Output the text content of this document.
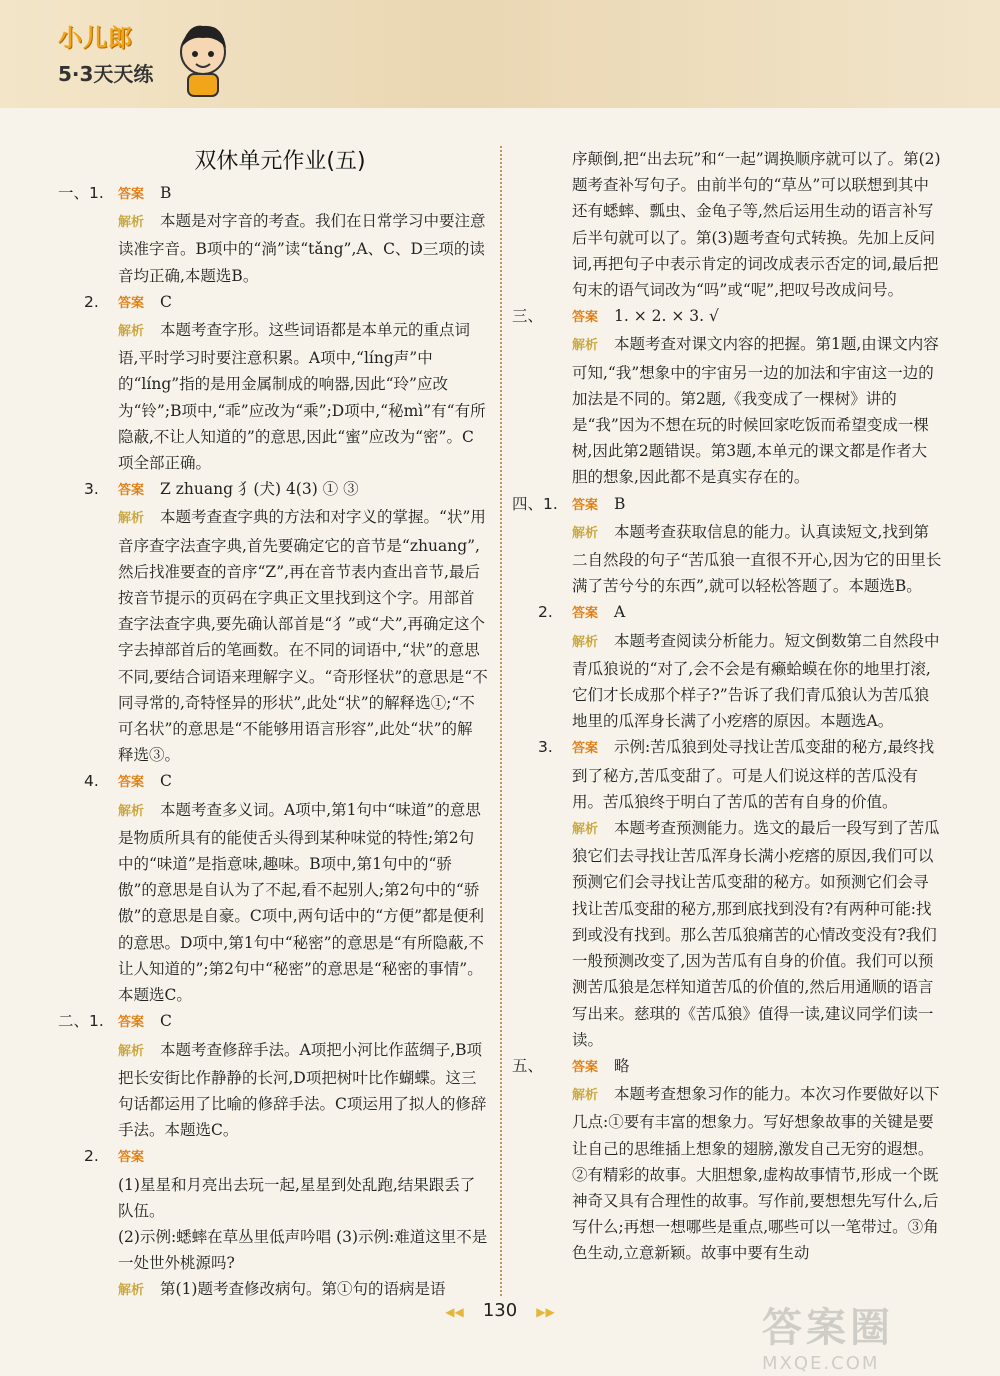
小儿郎
5·3天天练
双休单元作业(五)
一、1. 答案 B
解析 本题是对字音的考查。我们在日常学习中要注意读准字音。B项中的“淌”读“tǎng”,A、C、D三项的读音均正确,本题选B。
2. 答案 C
解析 本题考查字形。这些词语都是本单元的重点词语,平时学习时要注意积累。A项中,“líng声”中的“líng”指的是用金属制成的响器,因此“玲”应改为“铃”;B项中,“乖”应改为“乘”;D项中,“秘mì”有“有所隐蔽,不让人知道的”的意思,因此“蜜”应改为“密”。C项全部正确。
3. 答案 Z zhuang 犭(犬) 4(3) ① ③
解析 本题考查查字典的方法和对字义的掌握。“状”用音序查字法查字典,首先要确定它的音节是“zhuang”,然后找准要查的音序“Z”,再在音节表内查出音节,最后按音节提示的页码在字典正文里找到这个字。用部首查字法查字典,要先确认部首是“犭”或“犬”,再确定这个字去掉部首后的笔画数。在不同的词语中,“状”的意思不同,要结合词语来理解字义。“奇形怪状”的意思是“不同寻常的,奇特怪异的形状”,此处“状”的解释选①;“不可名状”的意思是“不能够用语言形容”,此处“状”的解释选③。
4. 答案 C
解析 本题考查多义词。A项中,第1句中“味道”的意思是物质所具有的能使舌头得到某种味觉的特性;第2句中的“味道”是指意味,趣味。B项中,第1句中的“骄傲”的意思是自认为了不起,看不起别人;第2句中的“骄傲”的意思是自豪。C项中,两句话中的“方便”都是便利的意思。D项中,第1句中“秘密”的意思是“有所隐蔽,不让人知道的”;第2句中“秘密”的意思是“秘密的事情”。本题选C。
二、1. 答案 C
解析 本题考查修辞手法。A项把小河比作蓝绸子,B项把长安街比作静静的长河,D项把树叶比作蝴蝶。这三句话都运用了比喻的修辞手法。C项运用了拟人的修辞手法。本题选C。
2. 答案
(1)星星和月亮出去玩一起,星星到处乱跑,结果跟丢了队伍。
(2)示例:蟋蟀在草丛里低声吟唱 (3)示例:难道这里不是一处世外桃源吗?
解析 第(1)题考查修改病句。第①句的语病是语
序颠倒,把“出去玩”和“一起”调换顺序就可以了。第(2)题考查补写句子。由前半句的“草丛”可以联想到其中还有蟋蟀、瓢虫、金龟子等,然后运用生动的语言补写后半句就可以了。第(3)题考查句式转换。先加上反问词,再把句子中表示肯定的词改成表示否定的词,最后把句末的语气词改为“吗”或“呢”,把叹号改成问号。
三、 答案 1. × 2. × 3. √
解析 本题考查对课文内容的把握。第1题,由课文内容可知,“我”想象中的宇宙另一边的加法和宇宙这一边的加法是不同的。第2题,《我变成了一棵树》讲的是“我”因为不想在玩的时候回家吃饭而希望变成一棵树,因此第2题错误。第3题,本单元的课文都是作者大胆的想象,因此都不是真实存在的。
四、1. 答案 B
解析 本题考查获取信息的能力。认真读短文,找到第二自然段的句子“苦瓜狼一直很不开心,因为它的田里长满了苦兮兮的东西”,就可以轻松答题了。本题选B。
2. 答案 A
解析 本题考查阅读分析能力。短文倒数第二自然段中青瓜狼说的“对了,会不会是有癞蛤蟆在你的地里打滚,它们才长成那个样子?”告诉了我们青瓜狼认为苦瓜狼地里的瓜浑身长满了小疙瘩的原因。本题选A。
3. 答案 示例:苦瓜狼到处寻找让苦瓜变甜的秘方,最终找到了秘方,苦瓜变甜了。可是人们说这样的苦瓜没有用。苦瓜狼终于明白了苦瓜的苦有自身的价值。
解析 本题考查预测能力。选文的最后一段写到了苦瓜狼它们去寻找让苦瓜浑身长满小疙瘩的原因,我们可以预测它们会寻找让苦瓜变甜的秘方。如预测它们会寻找让苦瓜变甜的秘方,那到底找到没有?有两种可能:找到或没有找到。那么苦瓜狼痛苦的心情改变没有?我们一般预测改变了,因为苦瓜有自身的价值。我们可以预测苦瓜狼是怎样知道苦瓜的价值的,然后用通顺的语言写出来。慈琪的《苦瓜狼》值得一读,建议同学们读一读。
五、 答案 略
解析 本题考查想象习作的能力。本次习作要做好以下几点:①要有丰富的想象力。写好想象故事的关键是要让自己的思维插上想象的翅膀,激发自己无穷的遐想。②有精彩的故事。大胆想象,虚构故事情节,形成一个既神奇又具有合理性的故事。写作前,要想想先写什么,后写什么;再想一想哪些是重点,哪些可以一笔带过。③角色生动,立意新颖。故事中要有生动
◀◀ 130 ▶▶	答案圈
MXQE.COM
